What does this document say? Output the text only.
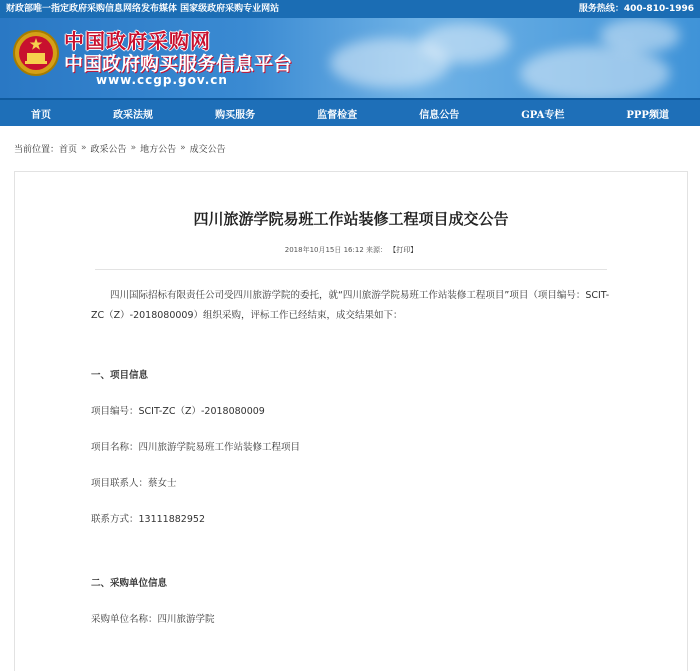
财政部唯一指定政府采购信息网络发布媒体 国家级政府采购专业网站	服务热线：400-810-1996
中国政府采购网
中国政府购买服务信息平台
www.ccgp.gov.cn
首页	政采法规	购买服务	监督检查	信息公告	GPA专栏	PPP频道
当前位置： 首页 » 政采公告 » 地方公告 » 成交公告
四川旅游学院易班工作站装修工程项目成交公告
2018年10月15日 16:12 来源： 【打印】

四川国际招标有限责任公司受四川旅游学院的委托，就“四川旅游学院易班工作站装修工程项目”项目（项目编号：SCIT-ZC（Z）-2018080009）组织采购，评标工作已经结束，成交结果如下：

一、项目信息

项目编号：SCIT-ZC（Z）-2018080009

项目名称：四川旅游学院易班工作站装修工程项目

项目联系人：蔡女士

联系方式：13111882952

二、采购单位信息

采购单位名称：四川旅游学院
